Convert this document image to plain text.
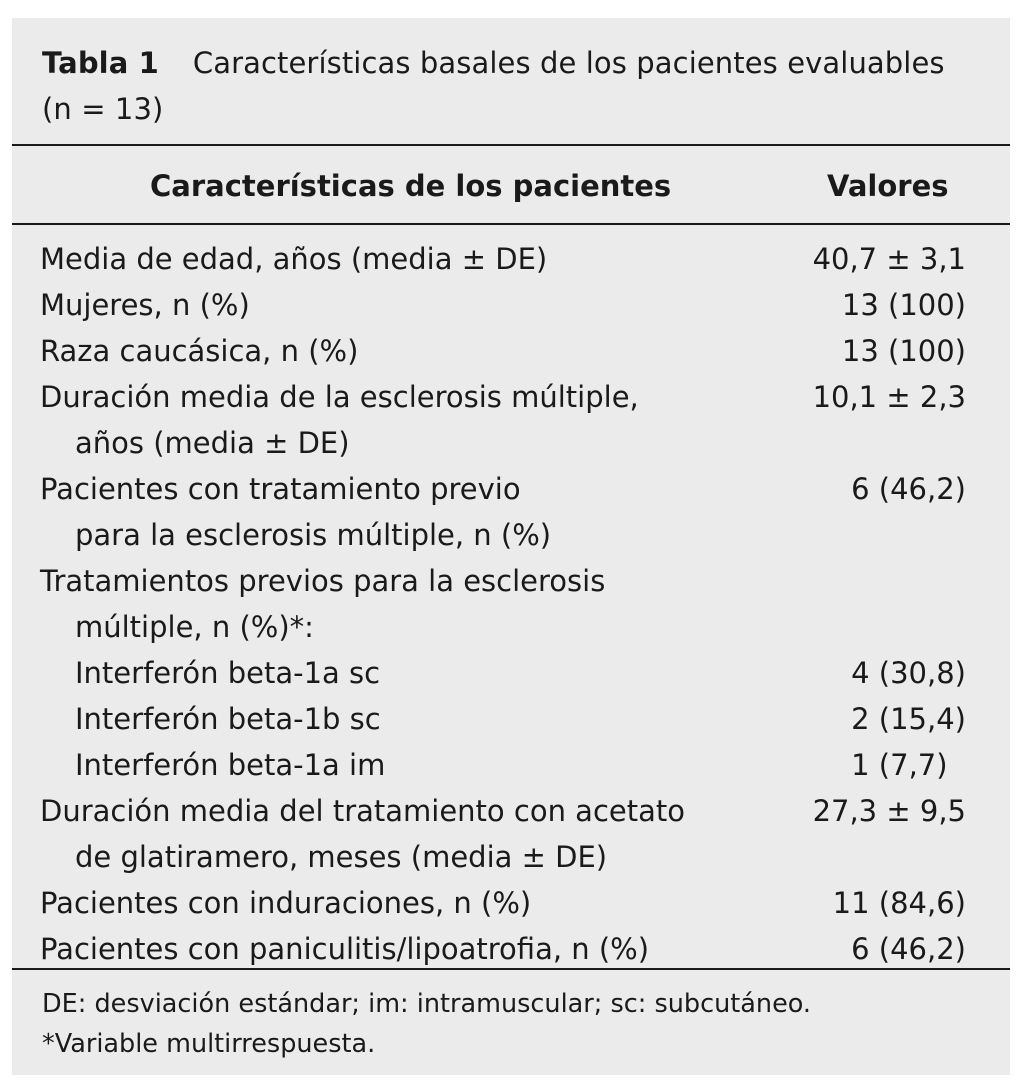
Tabla 1 Características basales de los pacientes evaluables
(n = 13)
Características de los pacientes	Valores
Media de edad, años (media ± DE)	40,7 ± 3,1
Mujeres, n (%)	13 (100)
Raza caucásica, n (%)	13 (100)
Duración media de la esclerosis múltiple,	10,1 ± 2,3
años (media ± DE)
Pacientes con tratamiento previo	6 (46,2)
para la esclerosis múltiple, n (%)
Tratamientos previos para la esclerosis
múltiple, n (%)*:
Interferón beta-1a sc	4 (30,8)
Interferón beta-1b sc	2 (15,4)
Interferón beta-1a im	1 (7,7)
Duración media del tratamiento con acetato	27,3 ± 9,5
de glatiramero, meses (media ± DE)
Pacientes con induraciones, n (%)	11 (84,6)
Pacientes con paniculitis/lipoatrofia, n (%)	6 (46,2)
DE: desviación estándar; im: intramuscular; sc: subcutáneo.
*Variable multirrespuesta.
